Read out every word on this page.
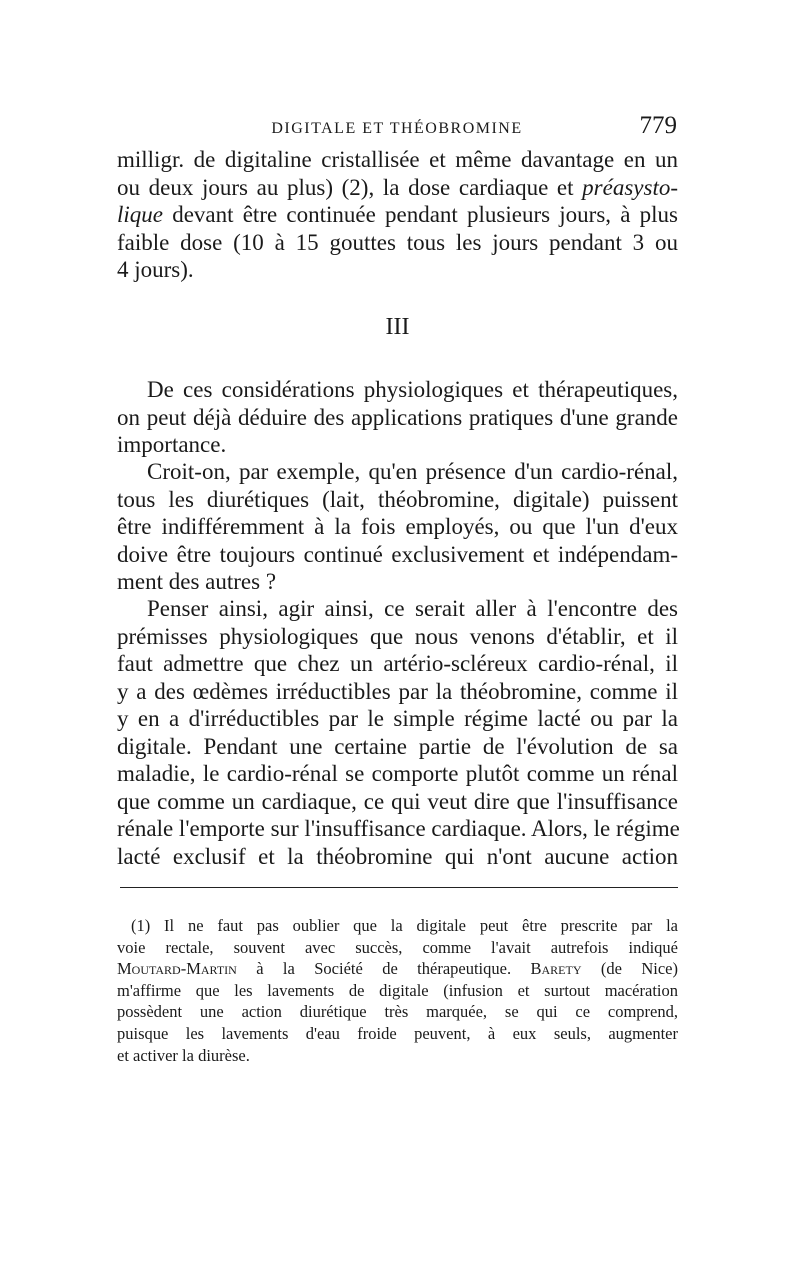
DIGITALE ET THÉOBROMINE	779
milligr. de digitaline cristallisée et même davantage en un
ou deux jours au plus) (2), la dose cardiaque et préasysto-
lique devant être continuée pendant plusieurs jours, à plus
faible dose (10 à 15 gouttes tous les jours pendant 3 ou
4 jours).
III
De ces considérations physiologiques et thérapeutiques,
on peut déjà déduire des applications pratiques d'une grande
importance.
Croit-on, par exemple, qu'en présence d'un cardio-rénal,
tous les diurétiques (lait, théobromine, digitale) puissent
être indifféremment à la fois employés, ou que l'un d'eux
doive être toujours continué exclusivement et indépendam-
ment des autres ?
Penser ainsi, agir ainsi, ce serait aller à l'encontre des
prémisses physiologiques que nous venons d'établir, et il
faut admettre que chez un artério-scléreux cardio-rénal, il
y a des œdèmes irréductibles par la théobromine, comme il
y en a d'irréductibles par le simple régime lacté ou par la
digitale. Pendant une certaine partie de l'évolution de sa
maladie, le cardio-rénal se comporte plutôt comme un rénal
que comme un cardiaque, ce qui veut dire que l'insuffisance
rénale l'emporte sur l'insuffisance cardiaque. Alors, le régime
lacté exclusif et la théobromine qui n'ont aucune action
(1) Il ne faut pas oublier que la digitale peut être prescrite par la
voie rectale, souvent avec succès, comme l'avait autrefois indiqué
Moutard-Martin à la Société de thérapeutique. Barety (de Nice)
m'affirme que les lavements de digitale (infusion et surtout macération
possèdent une action diurétique très marquée, se qui ce comprend,
puisque les lavements d'eau froide peuvent, à eux seuls, augmenter
et activer la diurèse.
